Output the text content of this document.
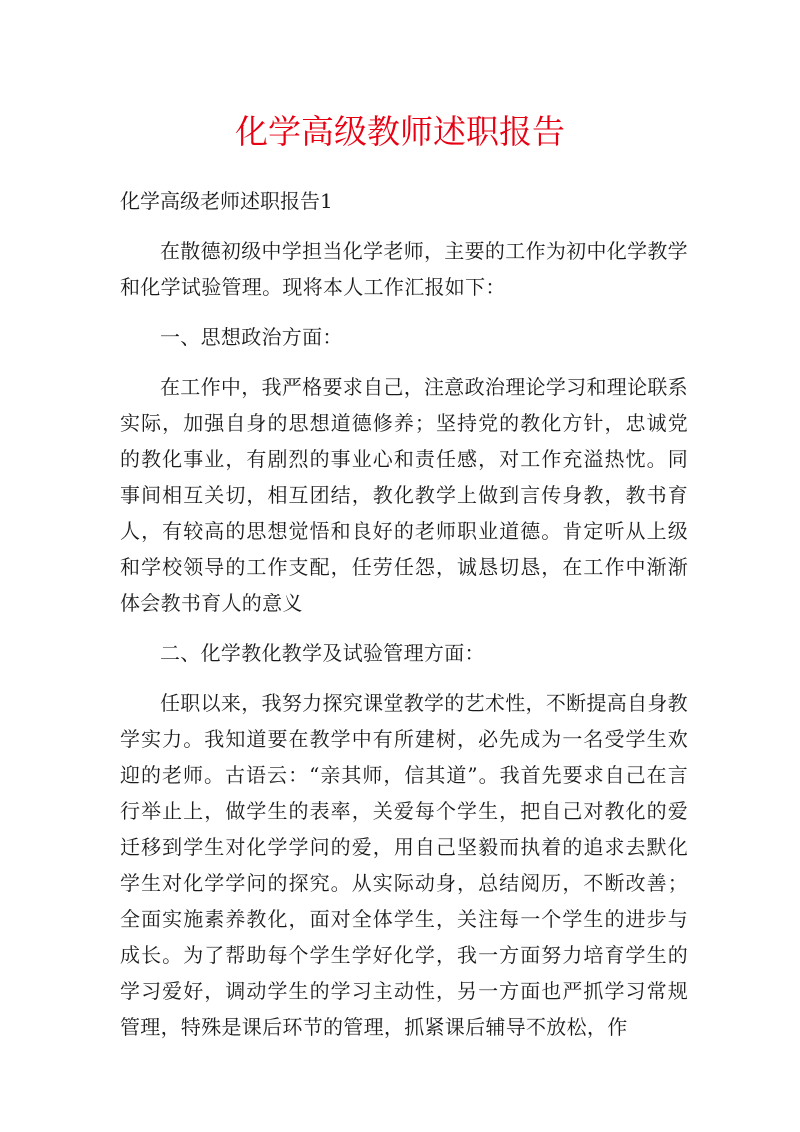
化学高级教师述职报告

化学高级老师述职报告1

在散德初级中学担当化学老师，主要的工作为初中化学教学和化学试验管理。现将本人工作汇报如下：

一、思想政治方面：

在工作中，我严格要求自己，注意政治理论学习和理论联系实际，加强自身的思想道德修养；坚持党的教化方针，忠诚党的教化事业，有剧烈的事业心和责任感，对工作充溢热忱。同事间相互关切，相互团结，教化教学上做到言传身教，教书育人，有较高的思想觉悟和良好的老师职业道德。肯定听从上级和学校领导的工作支配，任劳任怨，诚恳切恳，在工作中渐渐体会教书育人的意义

二、化学教化教学及试验管理方面：

任职以来，我努力探究课堂教学的艺术性，不断提高自身教学实力。我知道要在教学中有所建树，必先成为一名受学生欢迎的老师。古语云：“亲其师，信其道”。我首先要求自己在言行举止上，做学生的表率，关爱每个学生，把自己对教化的爱迁移到学生对化学学问的爱，用自己坚毅而执着的追求去默化学生对化学学问的探究。从实际动身，总结阅历，不断改善；全面实施素养教化，面对全体学生，关注每一个学生的进步与成长。为了帮助每个学生学好化学，我一方面努力培育学生的学习爱好，调动学生的学习主动性，另一方面也严抓学习常规管理，特殊是课后环节的管理，抓紧课后辅导不放松，作
